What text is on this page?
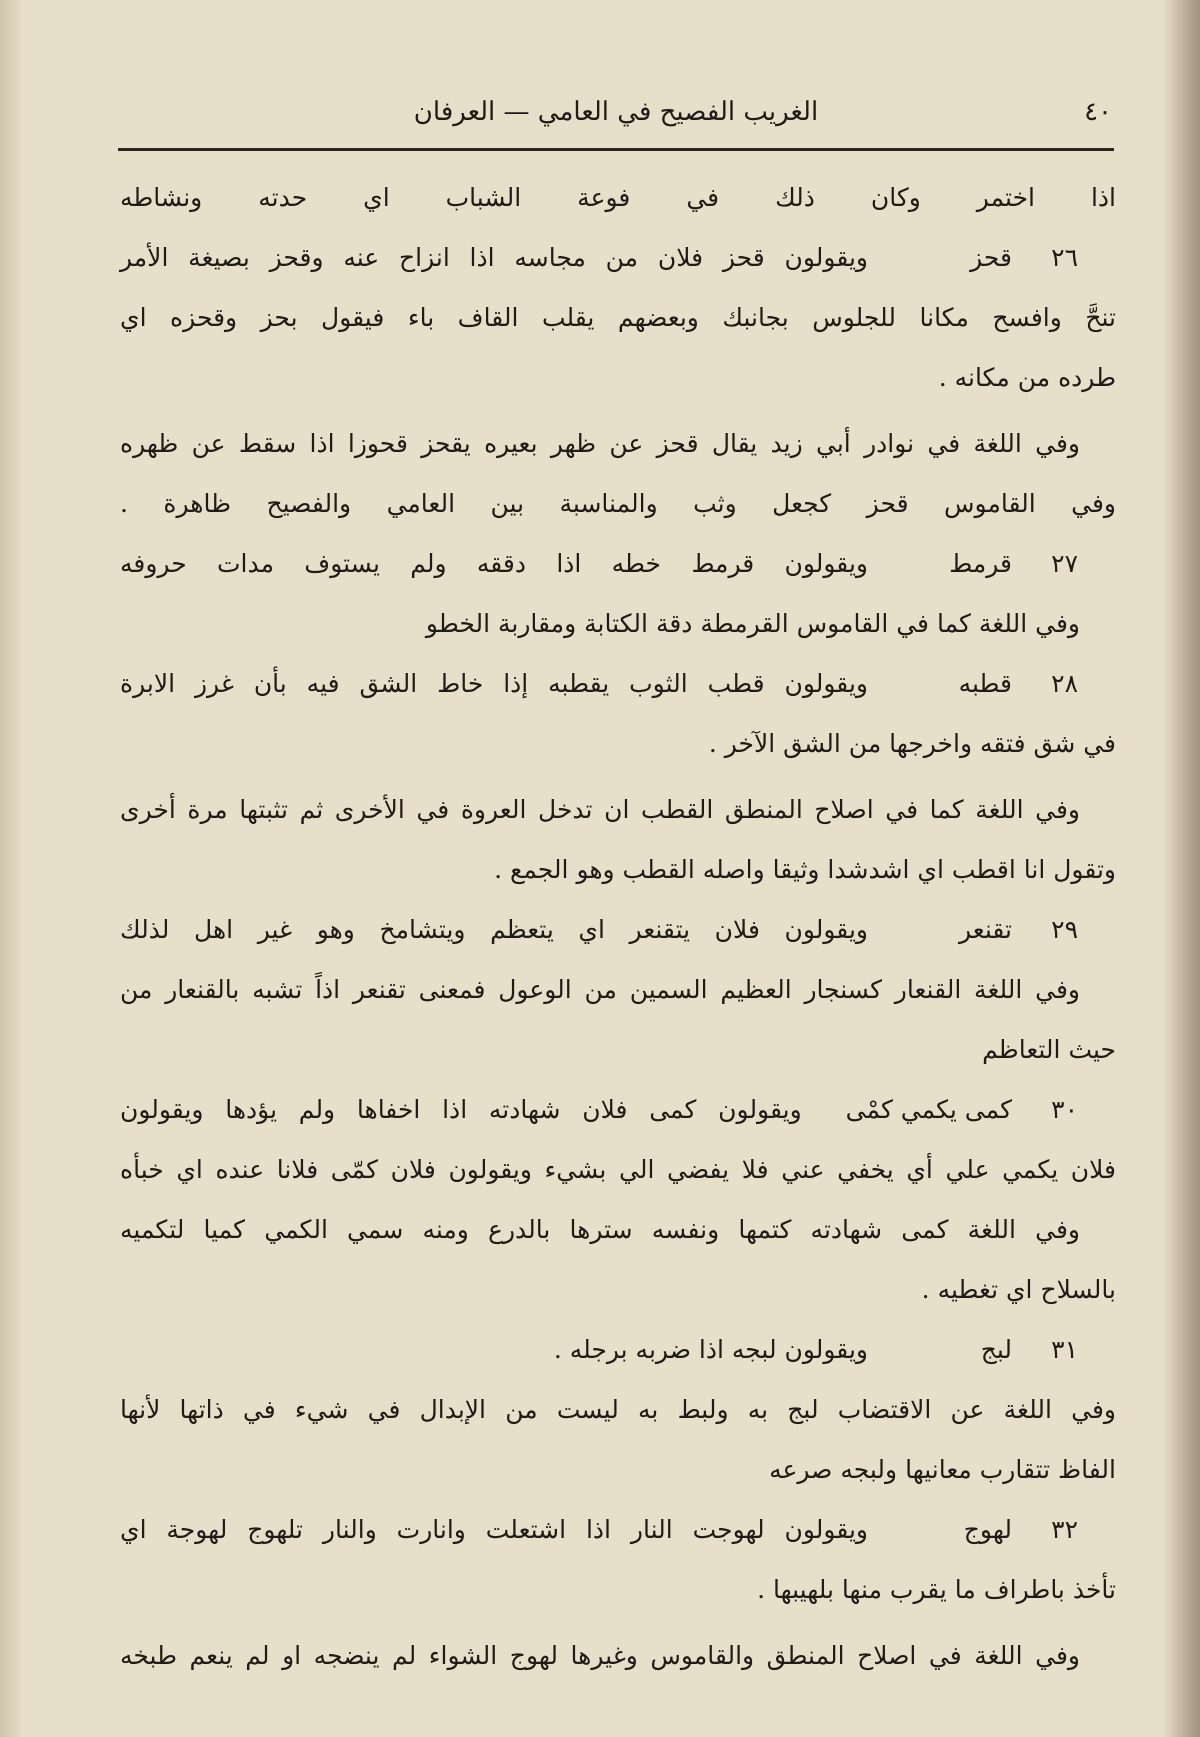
٤٠
الغريب الفصيح في العامي — العرفان
اذا اختمر وكان ذلك في فوعة الشباب اي حدته ونشاطه
٢٦
قحز
ويقولون قحز فلان من مجاسه اذا انزاح عنه وقحز بصيغة الأمر
تنحَّ وافسح مكانا للجلوس بجانبك وبعضهم يقلب القاف باء فيقول بحز وقحزه اي
طرده من مكانه .
وفي اللغة في نوادر أبي زيد يقال قحز عن ظهر بعيره يقحز قحوزا اذا سقط عن ظهره
وفي القاموس قحز كجعل وثب والمناسبة بين العامي والفصيح ظاهرة .
٢٧
قرمط
ويقولون قرمط خطه اذا دققه ولم يستوف مدات حروفه
وفي اللغة كما في القاموس القرمطة دقة الكتابة ومقاربة الخطو
٢٨
قطبه
ويقولون قطب الثوب يقطبه إذا خاط الشق فيه بأن غرز الابرة
في شق فتقه واخرجها من الشق الآخر .
وفي اللغة كما في اصلاح المنطق القطب ان تدخل العروة في الأخرى ثم تثبتها مرة أخرى
وتقول انا اقطب اي اشدشدا وثيقا واصله القطب وهو الجمع .
٢٩
تقنعر
ويقولون فلان يتقنعر اي يتعظم ويتشامخ وهو غير اهل لذلك
وفي اللغة القنعار كسنجار العظيم السمين من الوعول فمعنى تقنعر اذاً تشبه بالقنعار من
حيث التعاظم
٣٠
كمى يكمي كمْى
ويقولون كمى فلان شهادته اذا اخفاها ولم يؤدها ويقولون
فلان يكمي علي أي يخفي عني فلا يفضي الي بشيء ويقولون فلان كمّى فلانا عنده اي خبأه
وفي اللغة كمى شهادته كتمها ونفسه سترها بالدرع ومنه سمي الكمي كميا لتكميه
بالسلاح اي تغطيه .
٣١
لبج
ويقولون لبجه اذا ضربه برجله .
وفي اللغة عن الاقتضاب لبج به ولبط به ليست من الإبدال في شيء في ذاتها لأنها
الفاظ تتقارب معانيها ولبجه صرعه
٣٢
لهوج
ويقولون لهوجت النار اذا اشتعلت وانارت والنار تلهوج لهوجة اي
تأخذ باطراف ما يقرب منها بلهيبها .
وفي اللغة في اصلاح المنطق والقاموس وغيرها لهوج الشواء لم ينضجه او لم ينعم طبخه
